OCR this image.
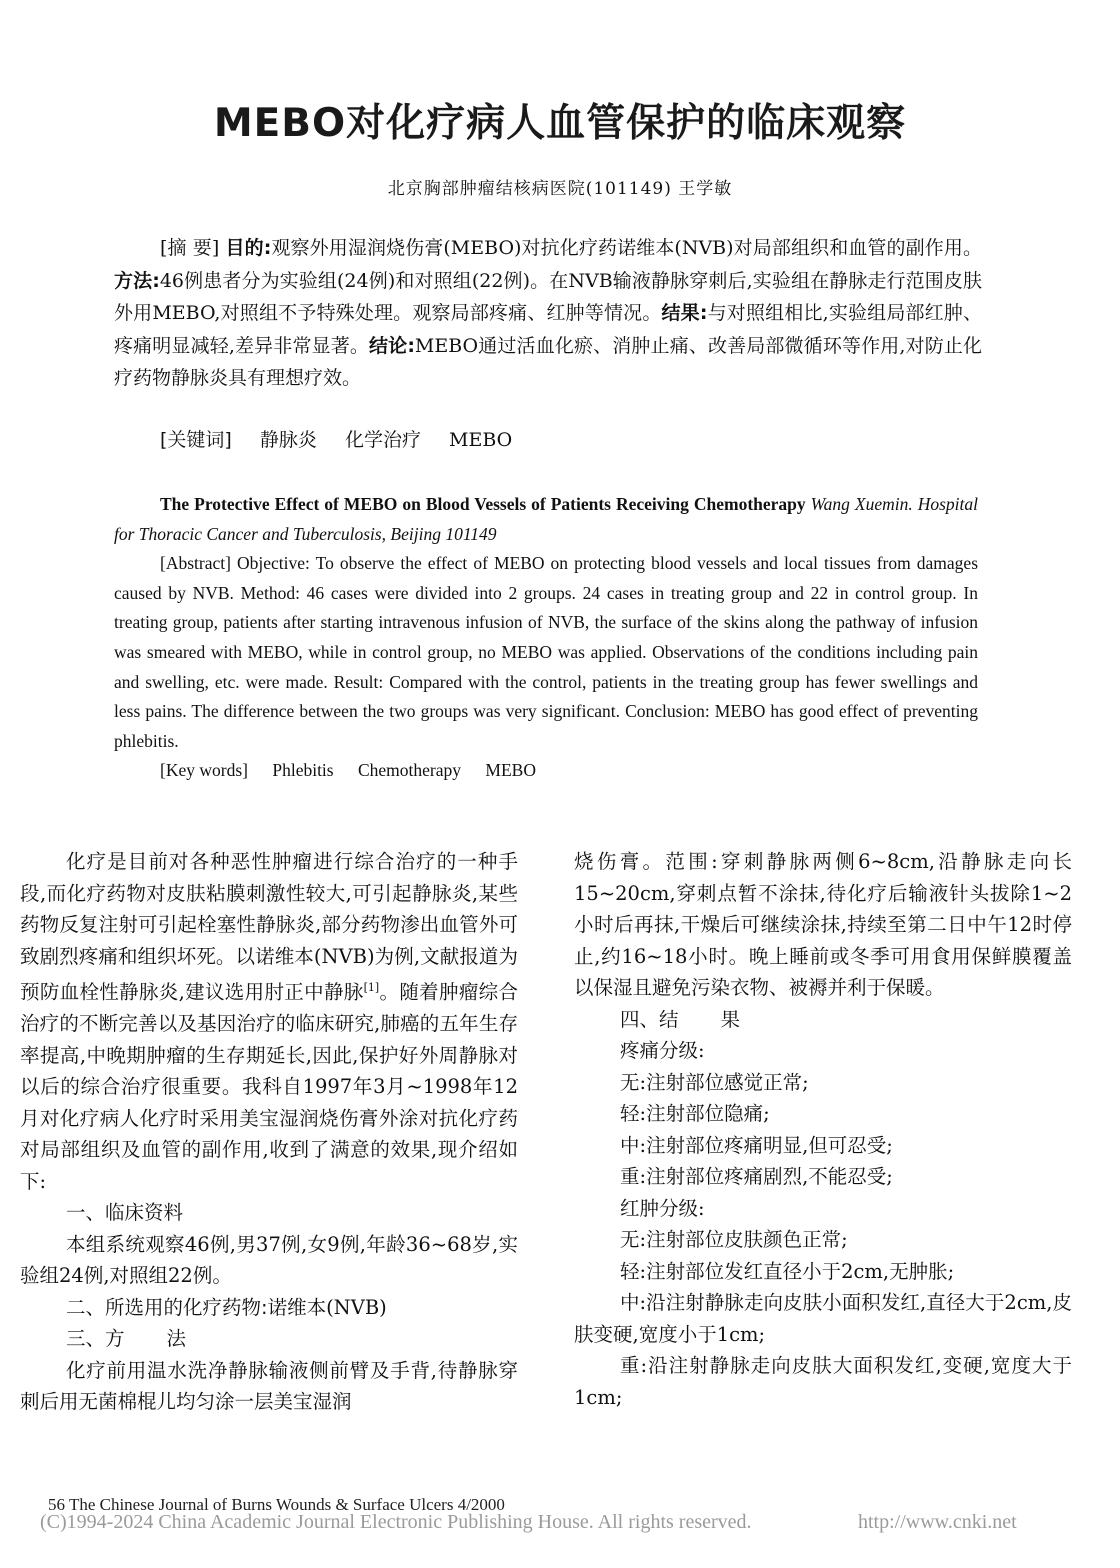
MEBO对化疗病人血管保护的临床观察
北京胸部肿瘤结核病医院(101149) 王学敏
[摘 要] 目的:观察外用湿润烧伤膏(MEBO)对抗化疗药诺维本(NVB)对局部组织和血管的副作用。方法:46例患者分为实验组(24例)和对照组(22例)。在NVB输液静脉穿刺后,实验组在静脉走行范围皮肤外用MEBO,对照组不予特殊处理。观察局部疼痛、红肿等情况。结果:与对照组相比,实验组局部红肿、疼痛明显减轻,差异非常显著。结论:MEBO通过活血化瘀、消肿止痛、改善局部微循环等作用,对防止化疗药物静脉炎具有理想疗效。
[关键词] 静脉炎 化学治疗 MEBO
The Protective Effect of MEBO on Blood Vessels of Patients Receiving Chemotherapy Wang Xuemin. Hospital for Thoracic Cancer and Tuberculosis, Beijing 101149
[Abstract] Objective: To observe the effect of MEBO on protecting blood vessels and local tissues from damages caused by NVB. Method: 46 cases were divided into 2 groups. 24 cases in treating group and 22 in control group. In treating group, patients after starting intravenous infusion of NVB, the surface of the skins along the pathway of infusion was smeared with MEBO, while in control group, no MEBO was applied. Observations of the conditions including pain and swelling, etc. were made. Result: Compared with the control, patients in the treating group has fewer swellings and less pains. The difference between the two groups was very significant. Conclusion: MEBO has good effect of preventing phlebitis.
[Key words] Phlebitis Chemotherapy MEBO

化疗是目前对各种恶性肿瘤进行综合治疗的一种手段,而化疗药物对皮肤粘膜刺激性较大,可引起静脉炎,某些药物反复注射可引起栓塞性静脉炎,部分药物渗出血管外可致剧烈疼痛和组织坏死。以诺维本(NVB)为例,文献报道为预防血栓性静脉炎,建议选用肘正中静脉[1]。随着肿瘤综合治疗的不断完善以及基因治疗的临床研究,肺癌的五年生存率提高,中晚期肿瘤的生存期延长,因此,保护好外周静脉对以后的综合治疗很重要。我科自1997年3月~1998年12月对化疗病人化疗时采用美宝湿润烧伤膏外涂对抗化疗药对局部组织及血管的副作用,收到了满意的效果,现介绍如下:

一、临床资料

本组系统观察46例,男37例,女9例,年龄36~68岁,实验组24例,对照组22例。

二、所选用的化疗药物:诺维本(NVB)

三、方 法

化疗前用温水洗净静脉输液侧前臂及手背,待静脉穿刺后用无菌棉棍儿均匀涂一层美宝湿润

烧伤膏。范围:穿刺静脉两侧6~8cm,沿静脉走向长15~20cm,穿刺点暂不涂抹,待化疗后输液针头拔除1~2小时后再抹,干燥后可继续涂抹,持续至第二日中午12时停止,约16~18小时。晚上睡前或冬季可用食用保鲜膜覆盖以保湿且避免污染衣物、被褥并利于保暖。

四、结 果

疼痛分级:

无:注射部位感觉正常;

轻:注射部位隐痛;

中:注射部位疼痛明显,但可忍受;

重:注射部位疼痛剧烈,不能忍受;

红肿分级:

无:注射部位皮肤颜色正常;

轻:注射部位发红直径小于2cm,无肿胀;

中:沿注射静脉走向皮肤小面积发红,直径大于2cm,皮肤变硬,宽度小于1cm;

重:沿注射静脉走向皮肤大面积发红,变硬,宽度大于1cm;

56 The Chinese Journal of Burns Wounds & Surface Ulcers 4/2000
(C)1994-2024 China Academic Journal Electronic Publishing House. All rights reserved.	http://www.cnki.net
